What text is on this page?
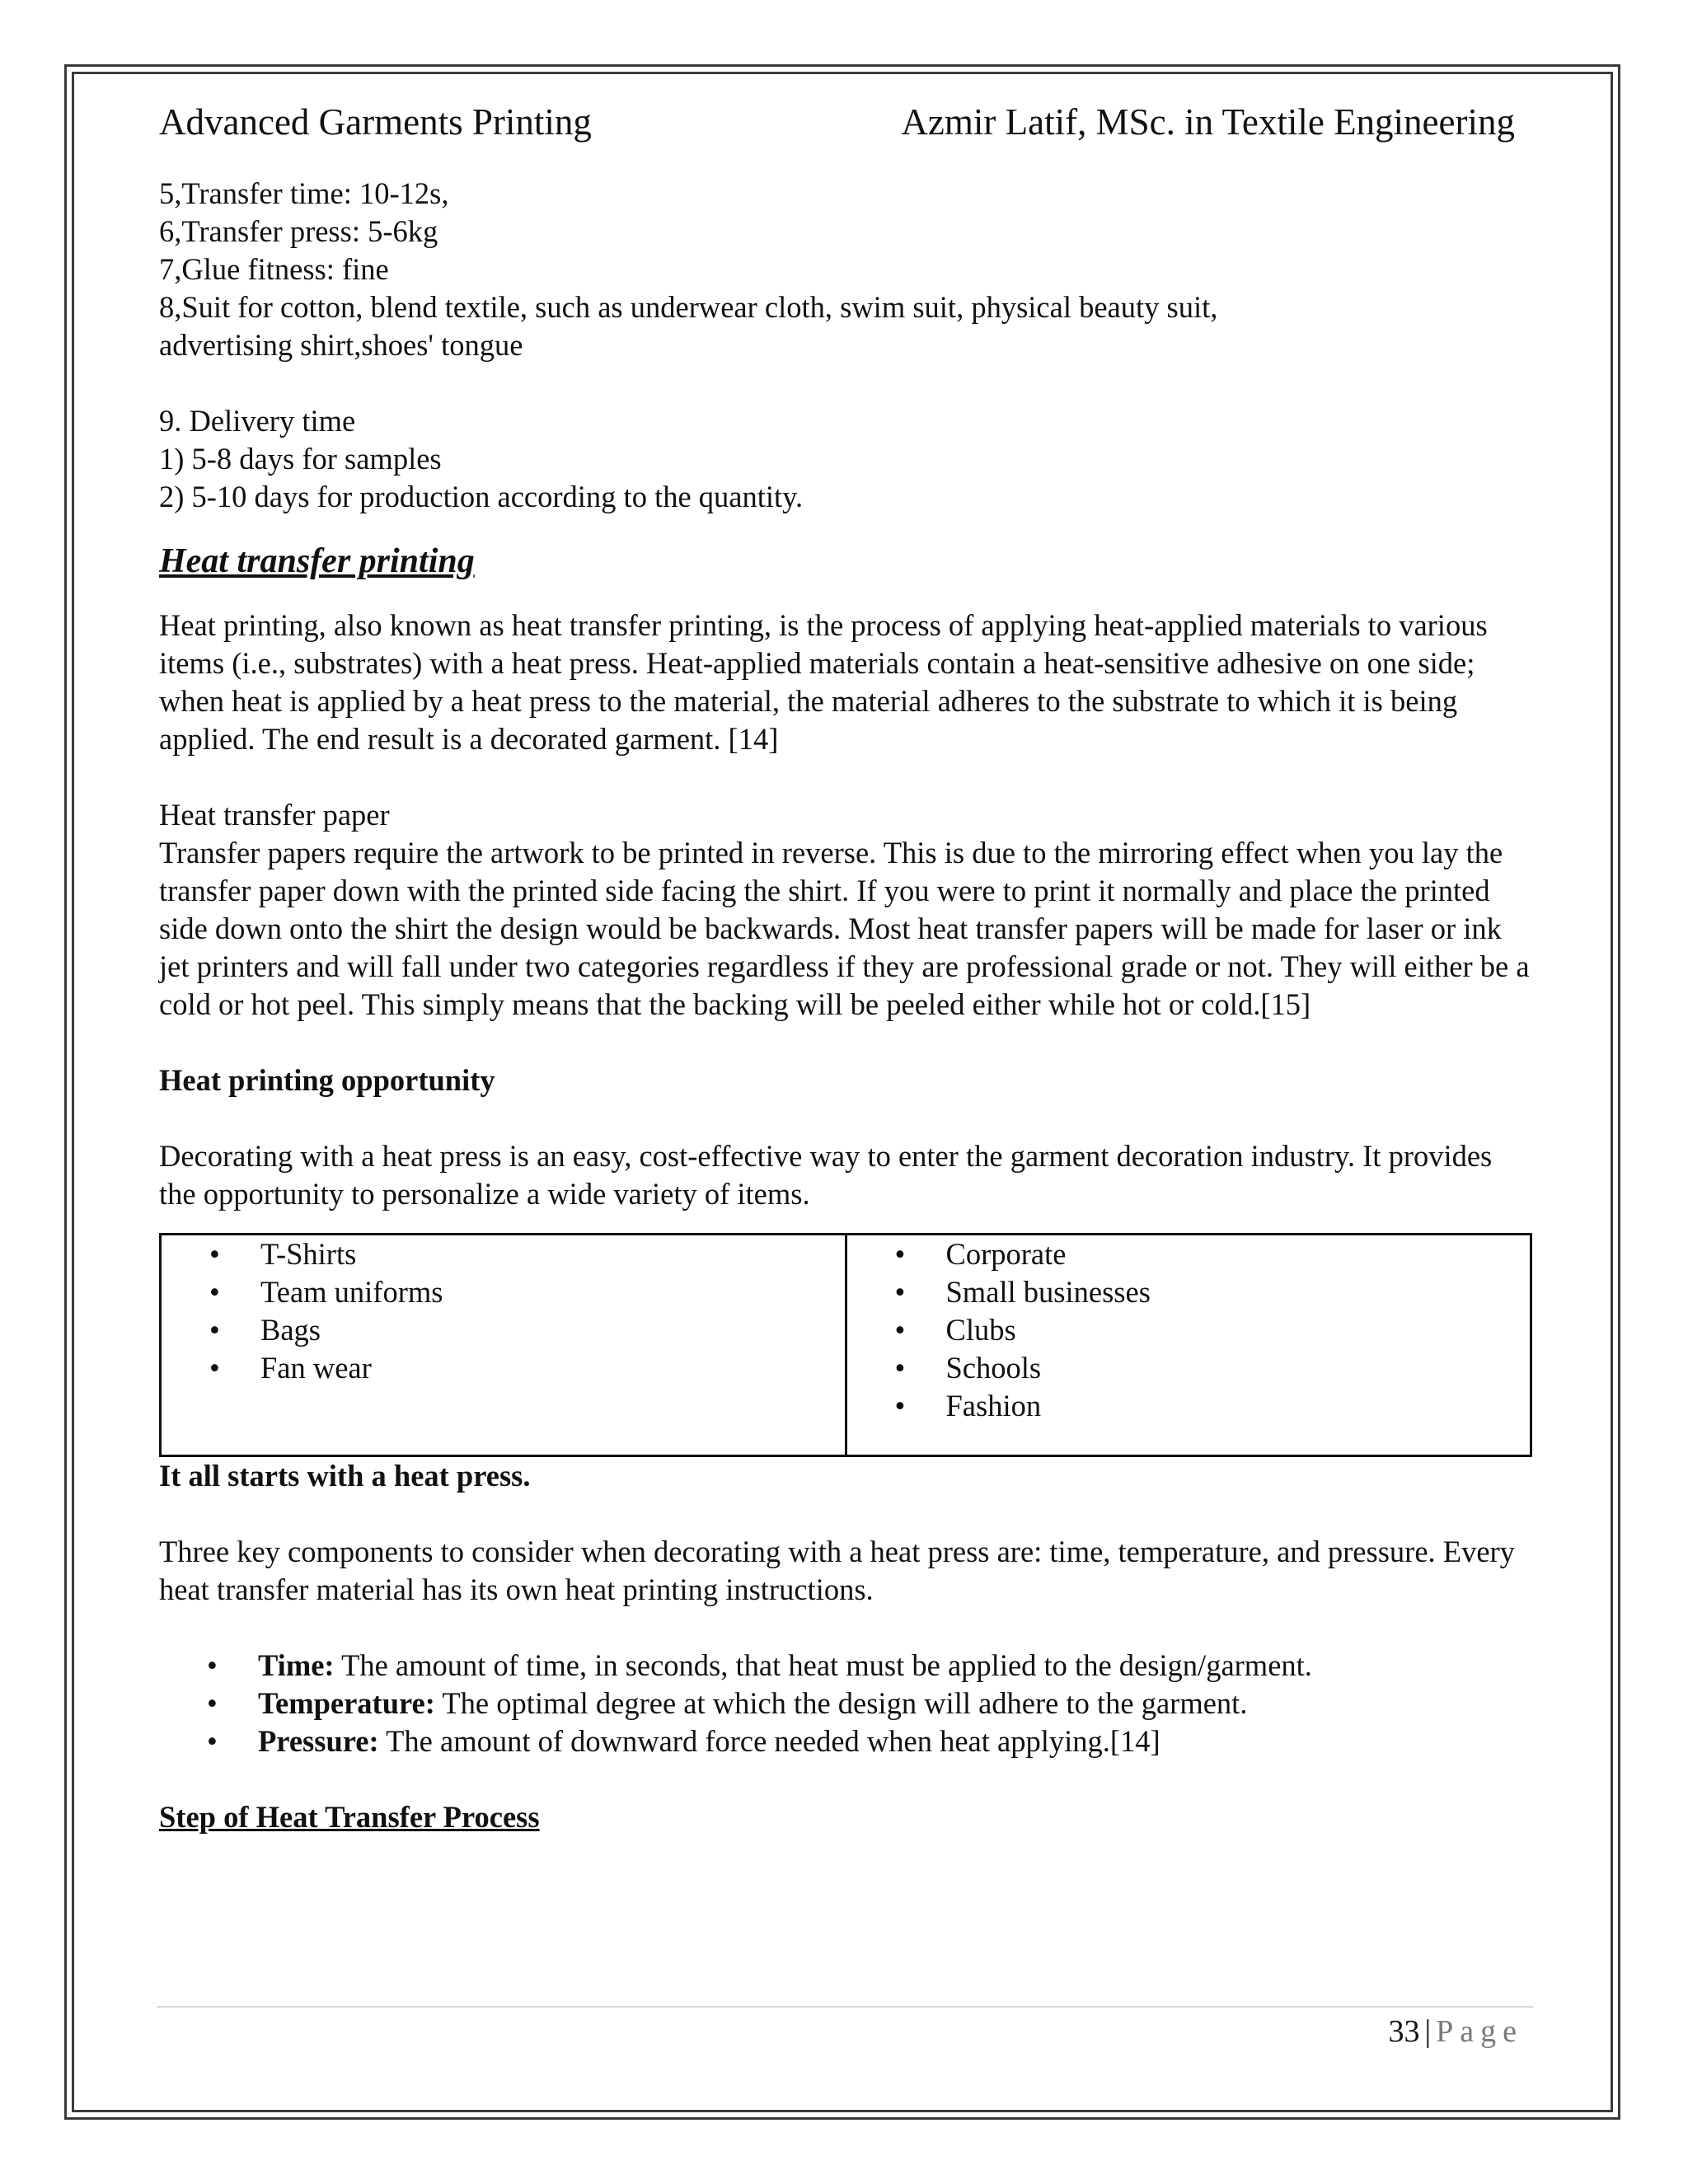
Advanced Garments Printing	Azmir Latif, MSc. in Textile Engineering

5,Transfer time: 10-12s,

6,Transfer press: 5-6kg

7,Glue fitness: fine

8,Suit for cotton, blend textile, such as underwear cloth, swim suit, physical beauty suit,

advertising shirt,shoes' tongue

9. Delivery time

1) 5-8 days for samples

2) 5-10 days for production according to the quantity.

Heat transfer printing

Heat printing, also known as heat transfer printing, is the process of applying heat-applied materials to various items (i.e., substrates) with a heat press. Heat-applied materials contain a heat-sensitive adhesive on one side; when heat is applied by a heat press to the material, the material adheres to the substrate to which it is being applied. The end result is a decorated garment. [14]

Heat transfer paper

Transfer papers require the artwork to be printed in reverse. This is due to the mirroring effect when you lay the transfer paper down with the printed side facing the shirt. If you were to print it normally and place the printed side down onto the shirt the design would be backwards. Most heat transfer papers will be made for laser or ink jet printers and will fall under two categories regardless if they are professional grade or not. They will either be a cold or hot peel. This simply means that the backing will be peeled either while hot or cold.[15]

Heat printing opportunity

Decorating with a heat press is an easy, cost-effective way to enter the garment decoration industry. It provides the opportunity to personalize a wide variety of items.

• T-Shirts
• Team uniforms
• Bags
• Fan wear

• Corporate
• Small businesses
• Clubs
• Schools
• Fashion

It all starts with a heat press.

Three key components to consider when decorating with a heat press are: time, temperature, and pressure. Every heat transfer material has its own heat printing instructions.

• Time: The amount of time, in seconds, that heat must be applied to the design/garment.
• Temperature: The optimal degree at which the design will adhere to the garment.
• Pressure: The amount of downward force needed when heat applying.[14]

Step of Heat Transfer Process

33 | Page
